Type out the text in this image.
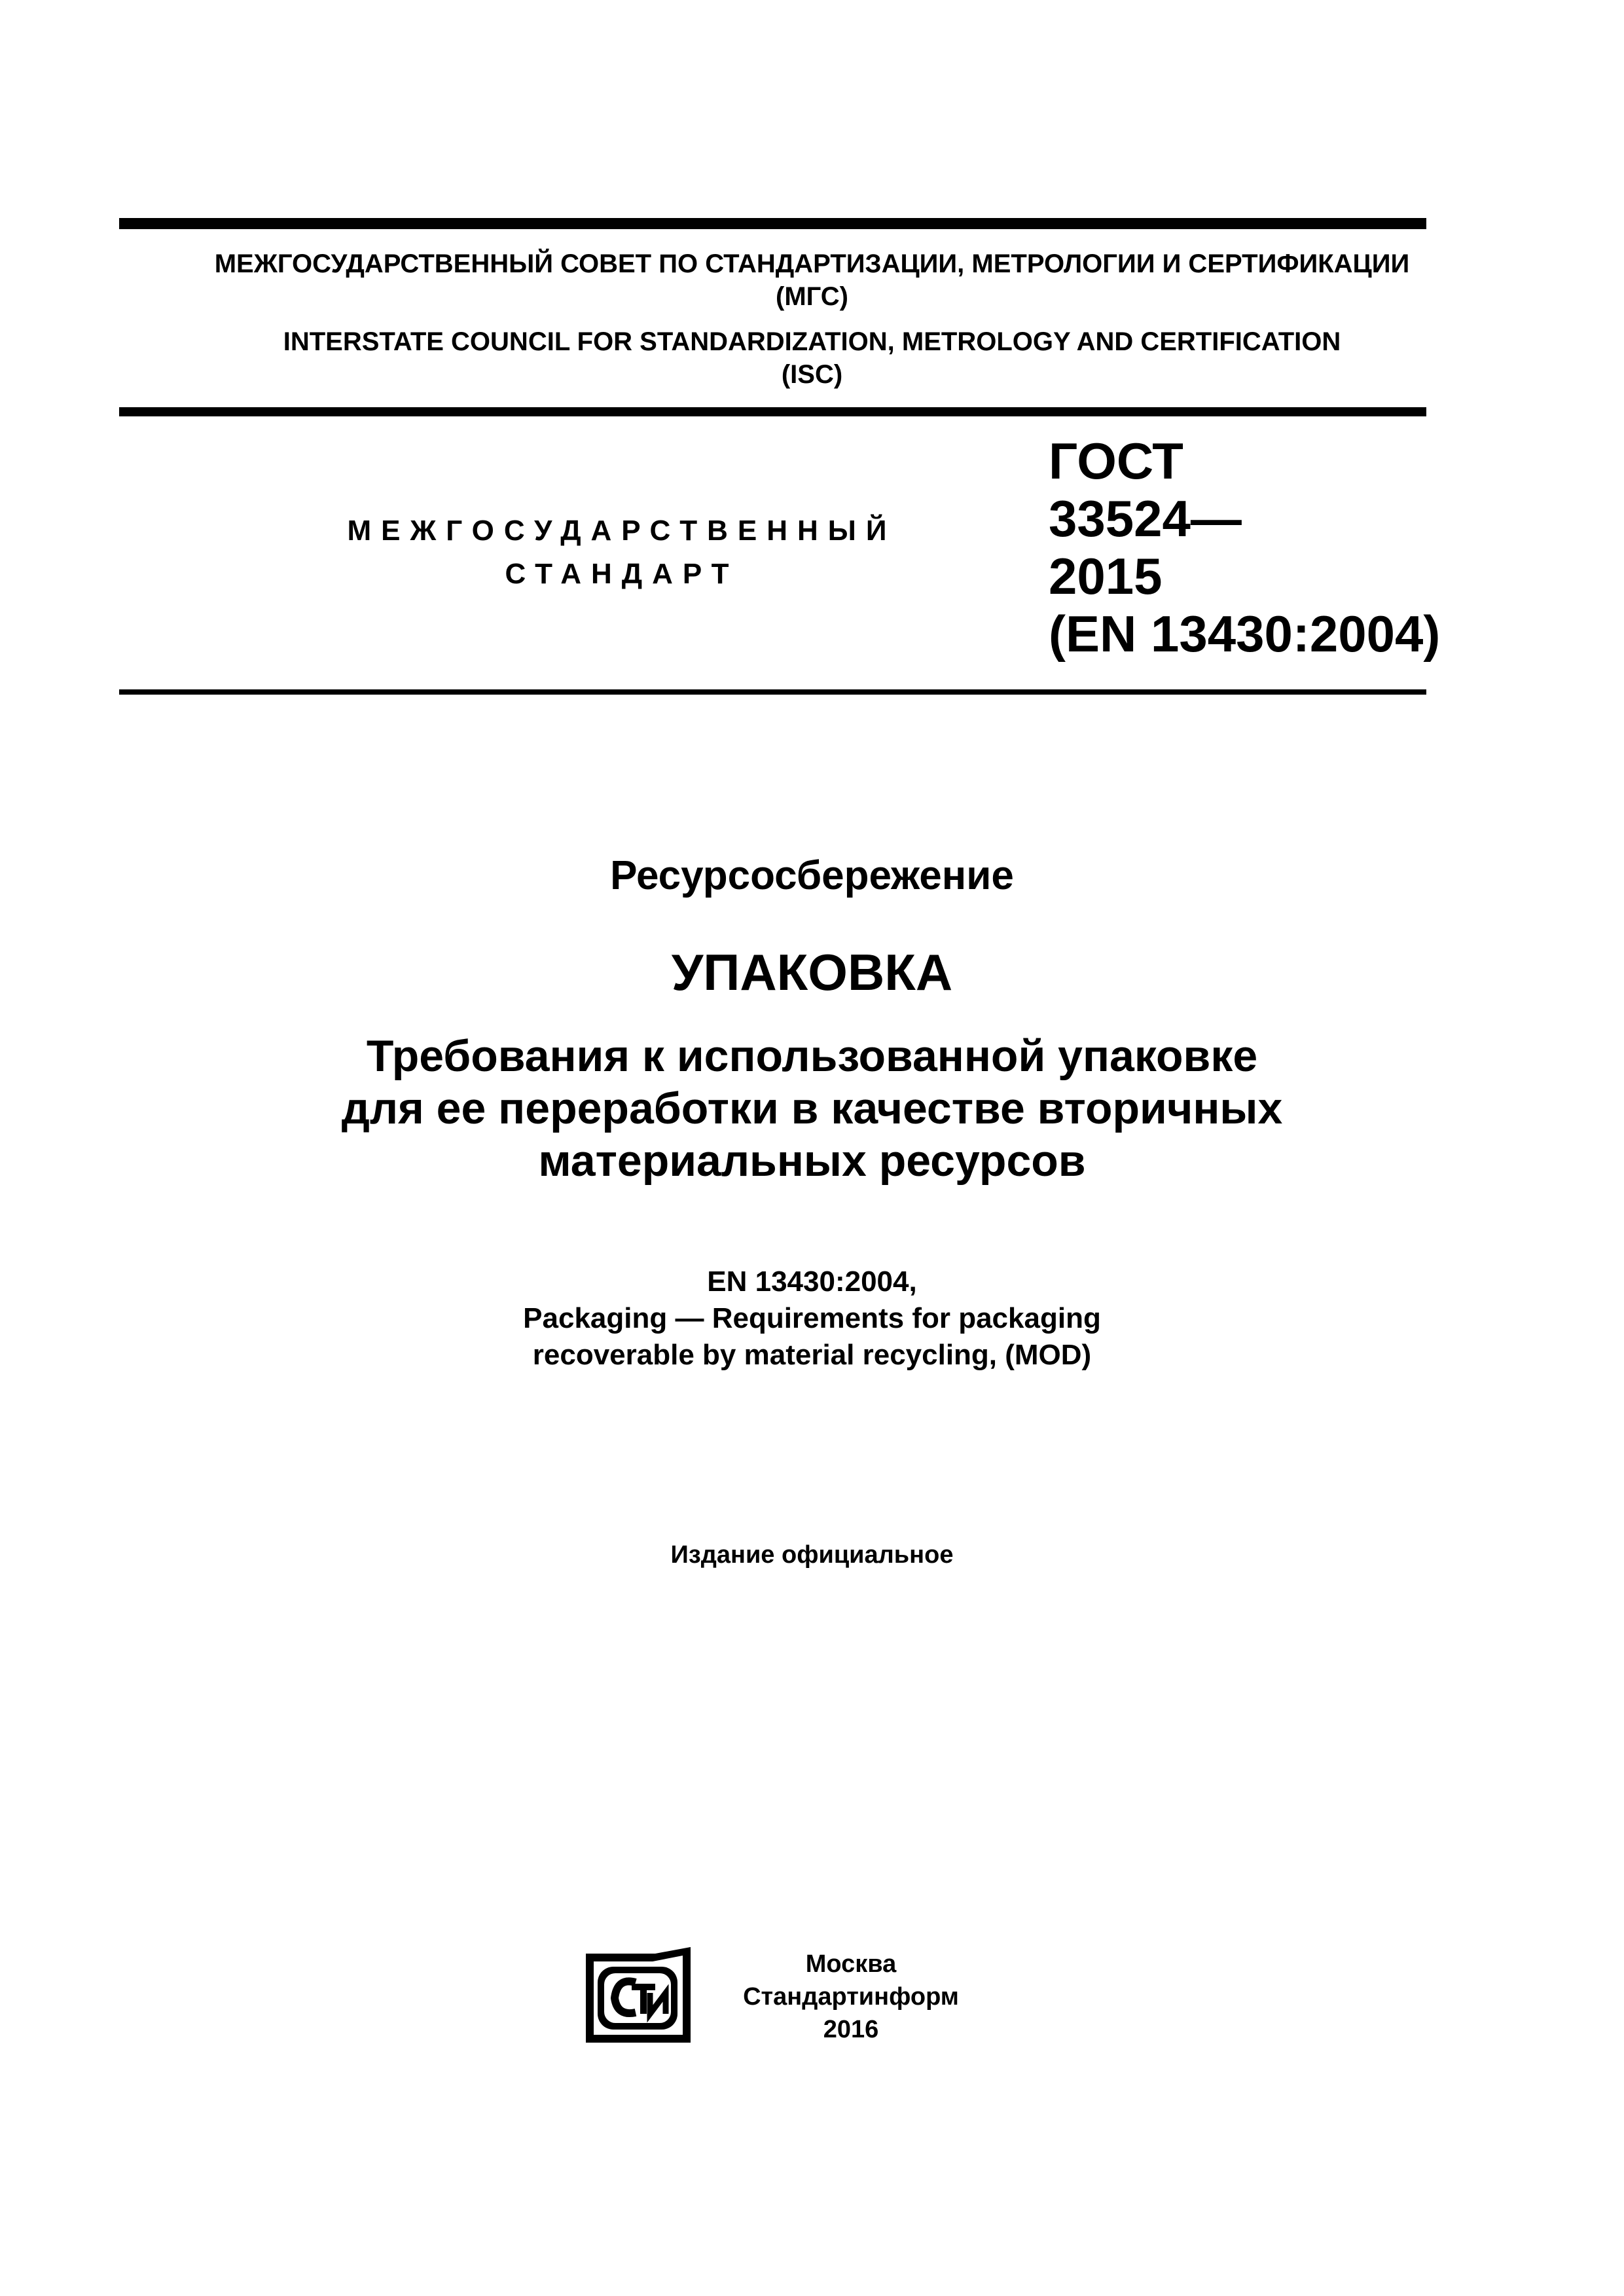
МЕЖГОСУДАРСТВЕННЫЙ СОВЕТ ПО СТАНДАРТИЗАЦИИ, МЕТРОЛОГИИ И СЕРТИФИКАЦИИ
(МГС)
INTERSTATE COUNCIL FOR STANDARDIZATION, METROLOGY AND CERTIFICATION
(ISC)
МЕЖГОСУДАРСТВЕННЫЙ
СТАНДАРТ
ГОСТ
33524—
2015
(EN 13430:2004)
Ресурсосбережение
УПАКОВКА
Требования к использованной упаковке
для ее переработки в качестве вторичных
материальных ресурсов
EN 13430:2004,
Packaging — Requirements for packaging
recoverable by material recycling, (MOD)
Издание официальное
Москва
Стандартинформ
2016
